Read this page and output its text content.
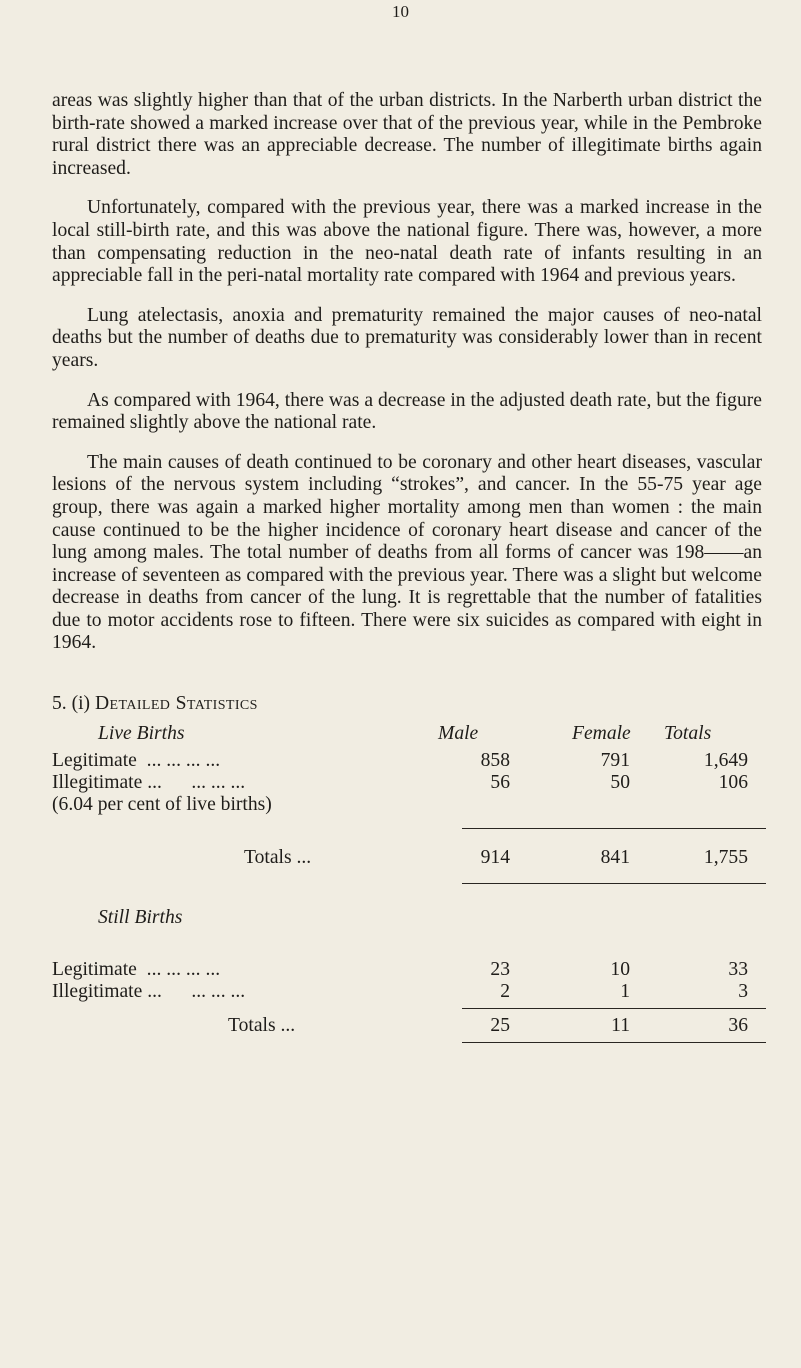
10

areas was slightly higher than that of the urban districts. In the Narberth urban district the birth-rate showed a marked increase over that of the previous year, while in the Pembroke rural district there was an appreciable decrease. The number of illegitimate births again increased.

Unfortunately, compared with the previous year, there was a marked increase in the local still-birth rate, and this was above the national figure. There was, however, a more than compensating reduction in the neo-natal death rate of infants resulting in an appreciable fall in the peri-natal mortality rate compared with 1964 and previous years.

Lung atelectasis, anoxia and prematurity remained the major causes of neo-natal deaths but the number of deaths due to prematurity was considerably lower than in recent years.

As compared with 1964, there was a decrease in the adjusted death rate, but the figure remained slightly above the national rate.

The main causes of death continued to be coronary and other heart diseases, vascular lesions of the nervous system including “strokes”, and cancer. In the 55-75 year age group, there was again a marked higher mortality among men than women : the main cause continued to be the higher incidence of coronary heart disease and cancer of the lung among males. The total number of deaths from all forms of cancer was 198——an increase of seventeen as compared with the previous year. There was a slight but welcome decrease in deaths from cancer of the lung. It is regrettable that the number of fatalities due to motor accidents rose to fifteen. There were six suicides as compared with eight in 1964.

5. (i) Detailed Statistics
Live Births	Male	Female Totals
Legitimate ... ... ... ...	858	791	1,649
Illegitimate ... ... ... ...	56	50	106
(6.04 per cent of live births)
Totals ...	914	841	1,755
Still Births
Legitimate ... ... ... ...	23	10	33
Illegitimate ... ... ... ...	2	1	3
Totals ...	25	11	36
